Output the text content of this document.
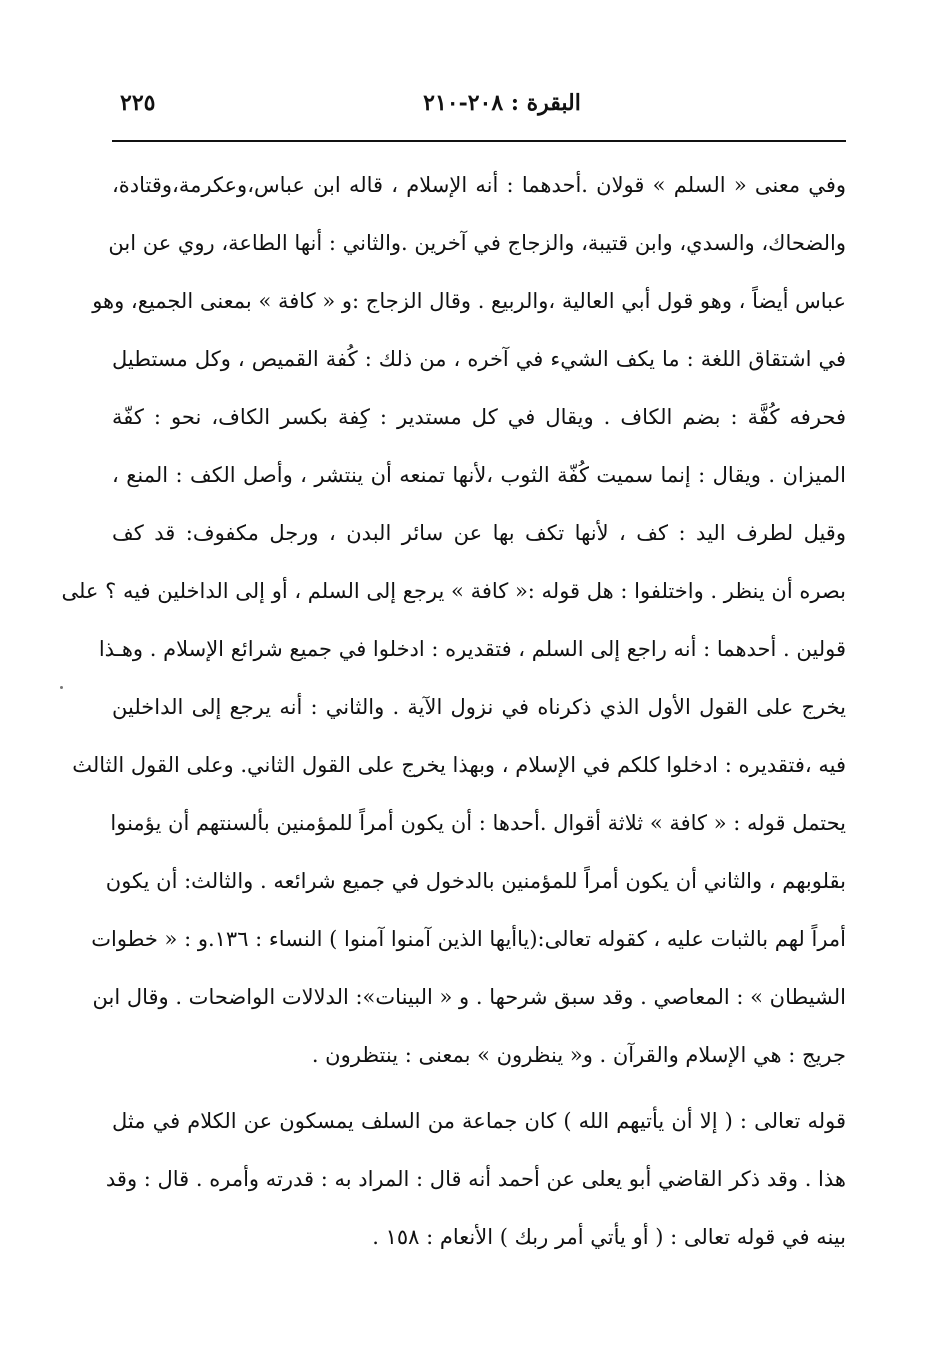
٢٢٥	البقرة : ٢٠٨-٢١٠
وفي معنى « السلم » قولان .أحدهما : أنه الإسلام ، قاله ابن عباس،وعكرمة،وقتادة،
والضحاك، والسدي، وابن قتيبة، والزجاج في آخرين .والثاني : أنها الطاعة، روي عن ابن
عباس أيضاً ، وهو قول أبي العالية ،والربيع . وقال الزجاج :و « كافة » بمعنى الجميع، وهو
في اشتقاق اللغة : ما يكف الشيء في آخره ، من ذلك : كُفة القميص ، وكل مستطيل
فحرفه كُفَّة : بضم الكاف . ويقال في كل مستدير : كِفة بكسر الكاف، نحو : كفّة
الميزان . ويقال : إنما سميت كُفّة الثوب ،لأنها تمنعه أن ينتشر ، وأصل الكف : المنع ،
وقيل لطرف اليد : كف ، لأنها تكف بها عن سائر البدن ، ورجل مكفوف: قد كف
بصره أن ينظر . واختلفوا : هل قوله :« كافة » يرجع إلى السلم ، أو إلى الداخلين فيه ؟ على
قولين . أحدهما : أنه راجع إلى السلم ، فتقديره : ادخلوا في جميع شرائع الإسلام . وهـذا
يخرج على القول الأول الذي ذكرناه في نزول الآية . والثاني : أنه يرجع إلى الداخلين
فيه ،فتقديره : ادخلوا كلكم في الإسلام ، وبهذا يخرج على القول الثاني. وعلى القول الثالث
يحتمل قوله : « كافة » ثلاثة أقوال .أحدها : أن يكون أمراً للمؤمنين بألسنتهم أن يؤمنوا
بقلوبهم ، والثاني أن يكون أمراً للمؤمنين بالدخول في جميع شرائعه . والثالث: أن يكون
أمراً لهم بالثبات عليه ، كقوله تعالى:(ياأيها الذين آمنوا آمنوا ) النساء : ١٣٦.و : « خطوات
الشيطان » : المعاصي . وقد سبق شرحها . و « البينات»: الدلالات الواضحات . وقال ابن
جريج : هي الإسلام والقرآن . و« ينظرون » بمعنى : ينتظرون .
قوله تعالى : ( إلا أن يأتيهم الله ) كان جماعة من السلف يمسكون عن الكلام في مثل
هذا . وقد ذكر القاضي أبو يعلى عن أحمد أنه قال : المراد به : قدرته وأمره . قال : وقد
بينه في قوله تعالى : ( أو يأتي أمر ربك ) الأنعام : ١٥٨ .
